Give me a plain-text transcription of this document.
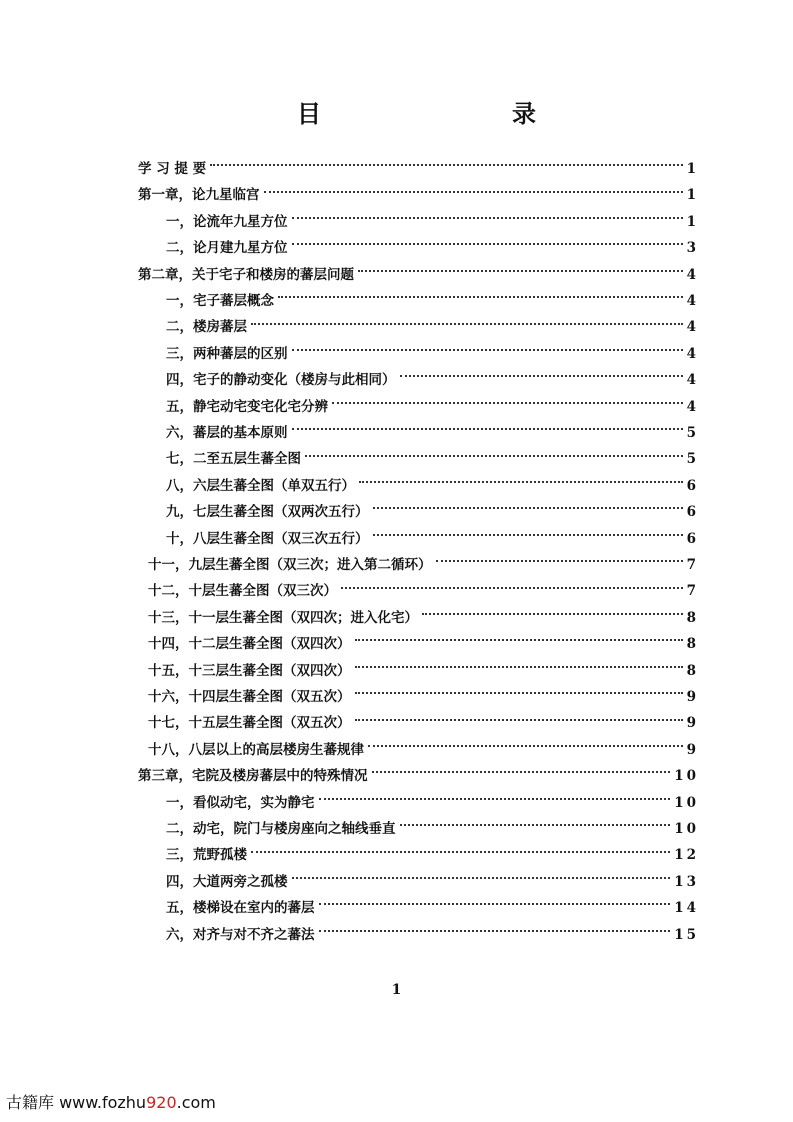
目	录
学 习 提 要	1
第一章，论九星临宫	1
一，论流年九星方位	1
二，论月建九星方位	3
第二章，关于宅子和楼房的蕃层问题	4
一，宅子蕃层概念	4
二，楼房蕃层	4
三，两种蕃层的区别	4
四，宅子的静动变化（楼房与此相同）	4
五，静宅动宅变宅化宅分辨	4
六，蕃层的基本原则	5
七，二至五层生蕃全图	5
八，六层生蕃全图（单双五行）	6
九，七层生蕃全图（双两次五行）	6
十，八层生蕃全图（双三次五行）	6
十一，九层生蕃全图（双三次；进入第二循环）	7
十二，十层生蕃全图（双三次）	7
十三，十一层生蕃全图（双四次；进入化宅）	8
十四，十二层生蕃全图（双四次）	8
十五，十三层生蕃全图（双四次）	8
十六，十四层生蕃全图（双五次）	9
十七，十五层生蕃全图（双五次）	9
十八，八层以上的高层楼房生蕃规律	9
第三章，宅院及楼房蕃层中的特殊情况	10
一，看似动宅，实为静宅	10
二，动宅，院门与楼房座向之轴线垂直	10
三，荒野孤楼	12
四，大道两旁之孤楼	13
五，楼梯设在室内的蕃层	14
六，对齐与对不齐之蕃法	15
1
古籍库 www.fozhu920.com
